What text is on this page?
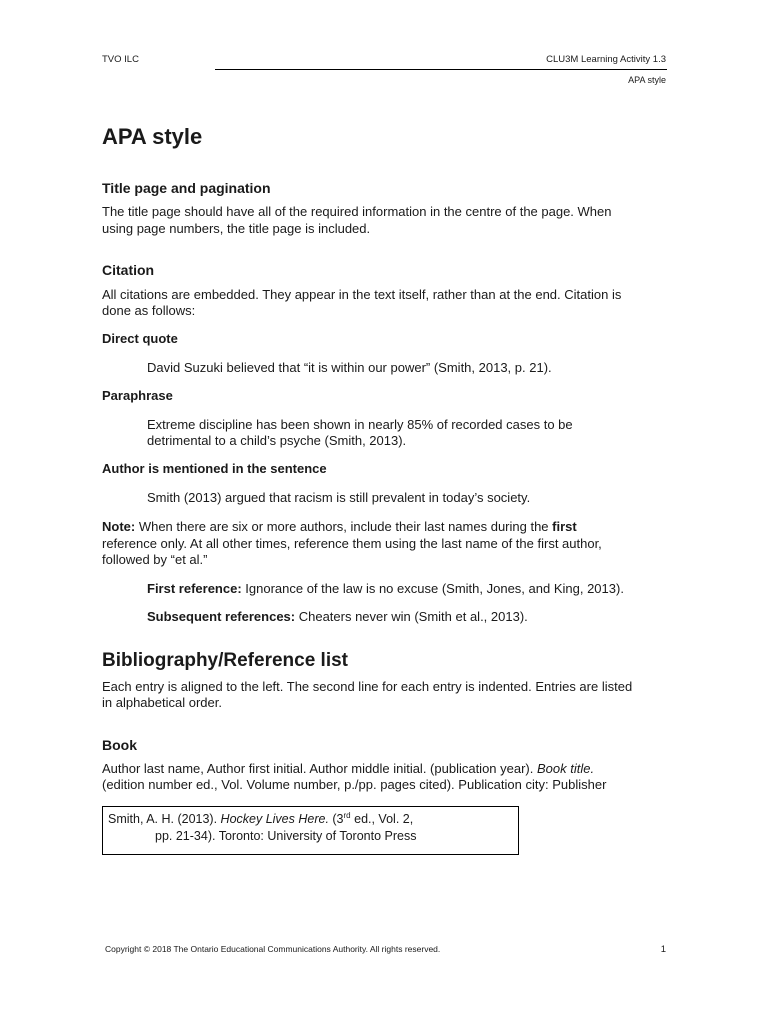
TVO ILC	CLU3M Learning Activity 1.3
APA style
APA style
Title page and pagination
The title page should have all of the required information in the centre of the page. When
using page numbers, the title page is included.
Citation
All citations are embedded. They appear in the text itself, rather than at the end. Citation is
done as follows:
Direct quote
David Suzuki believed that “it is within our power” (Smith, 2013, p. 21).
Paraphrase
Extreme discipline has been shown in nearly 85% of recorded cases to be
detrimental to a child’s psyche (Smith, 2013).
Author is mentioned in the sentence
Smith (2013) argued that racism is still prevalent in today’s society.
Note: When there are six or more authors, include their last names during the first
reference only. At all other times, reference them using the last name of the first author,
followed by “et al.”
First reference: Ignorance of the law is no excuse (Smith, Jones, and King, 2013).
Subsequent references: Cheaters never win (Smith et al., 2013).
Bibliography/Reference list
Each entry is aligned to the left. The second line for each entry is indented. Entries are listed
in alphabetical order.
Book
Author last name, Author first initial. Author middle initial. (publication year). Book title.
(edition number ed., Vol. Volume number, p./pp. pages cited). Publication city: Publisher
Smith, A. H. (2013). Hockey Lives Here. (3rd ed., Vol. 2,
pp. 21-34). Toronto: University of Toronto Press
Copyright © 2018 The Ontario Educational Communications Authority. All rights reserved.	1
